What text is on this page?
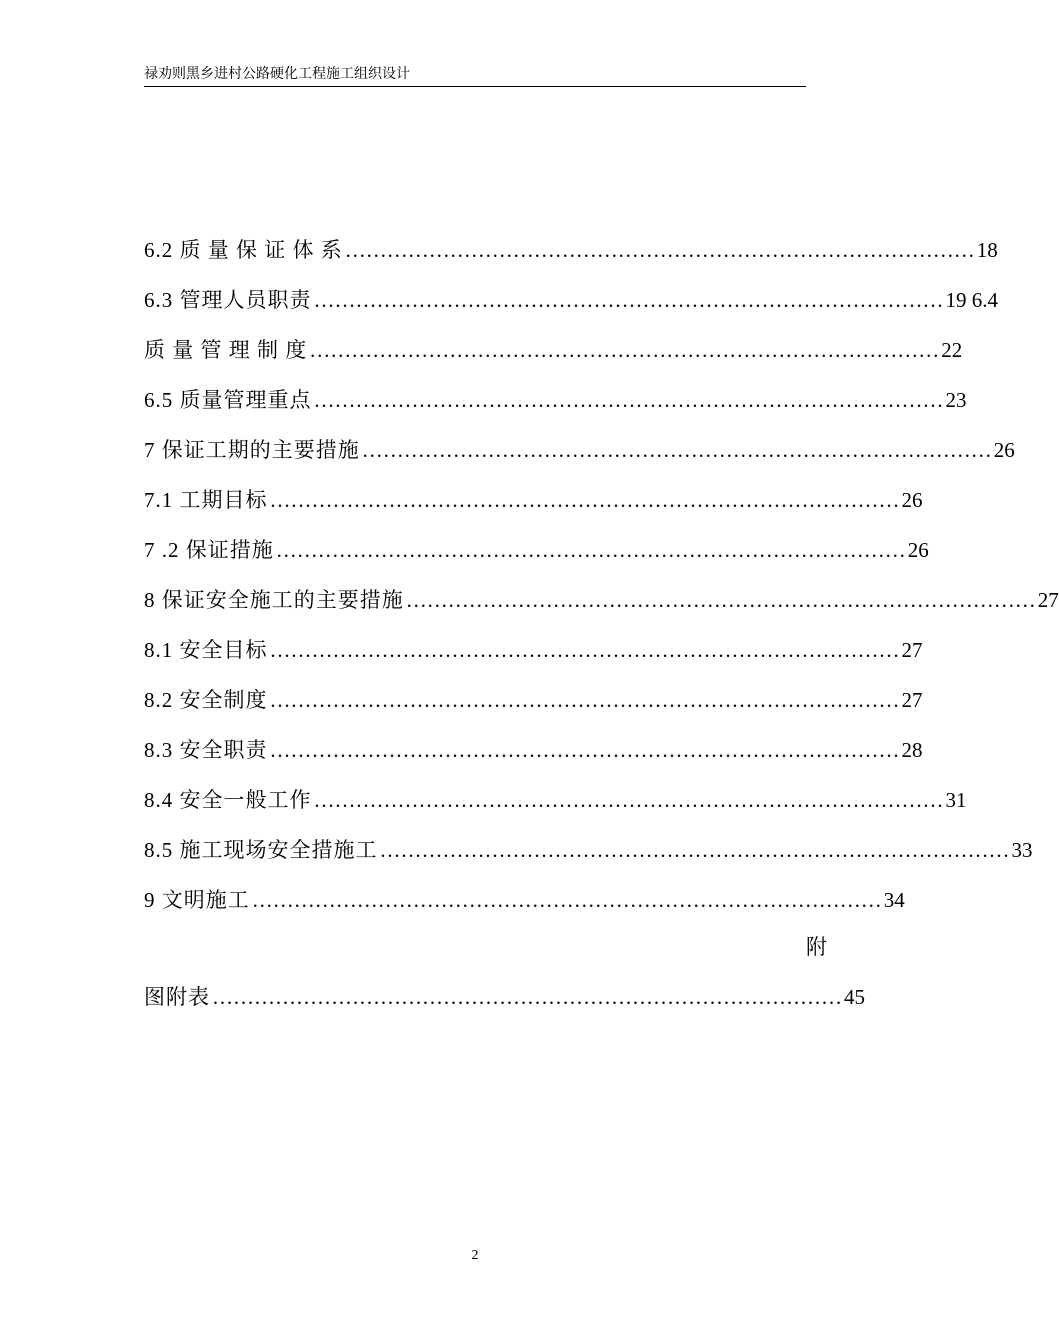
禄劝则黑乡进村公路硬化工程施工组织设计
6.2 质 量 保 证 体 系 ……………………………………………………………………………… 18
6.3 管理人员职责 ……………………………………………………………………………… 19 6.4
质 量 管 理 制 度 ……………………………………………………………………………… 22
6.5 质量管理重点 ……………………………………………………………………………… 23
7 保证工期的主要措施 ……………………………………………………………………………… 26
7.1 工期目标 ……………………………………………………………………………… 26
7 .2 保证措施 ……………………………………………………………………………… 26
8 保证安全施工的主要措施 ……………………………………………………………………………… 27
8.1 安全目标 ……………………………………………………………………………… 27
8.2 安全制度 ……………………………………………………………………………… 27
8.3 安全职责 ……………………………………………………………………………… 28
8.4 安全一般工作 ……………………………………………………………………………… 31
8.5 施工现场安全措施工 ……………………………………………………………………………… 33
9 文明施工 ……………………………………………………………………………… 34
附
图附表 ……………………………………………………………………………… 45
2
